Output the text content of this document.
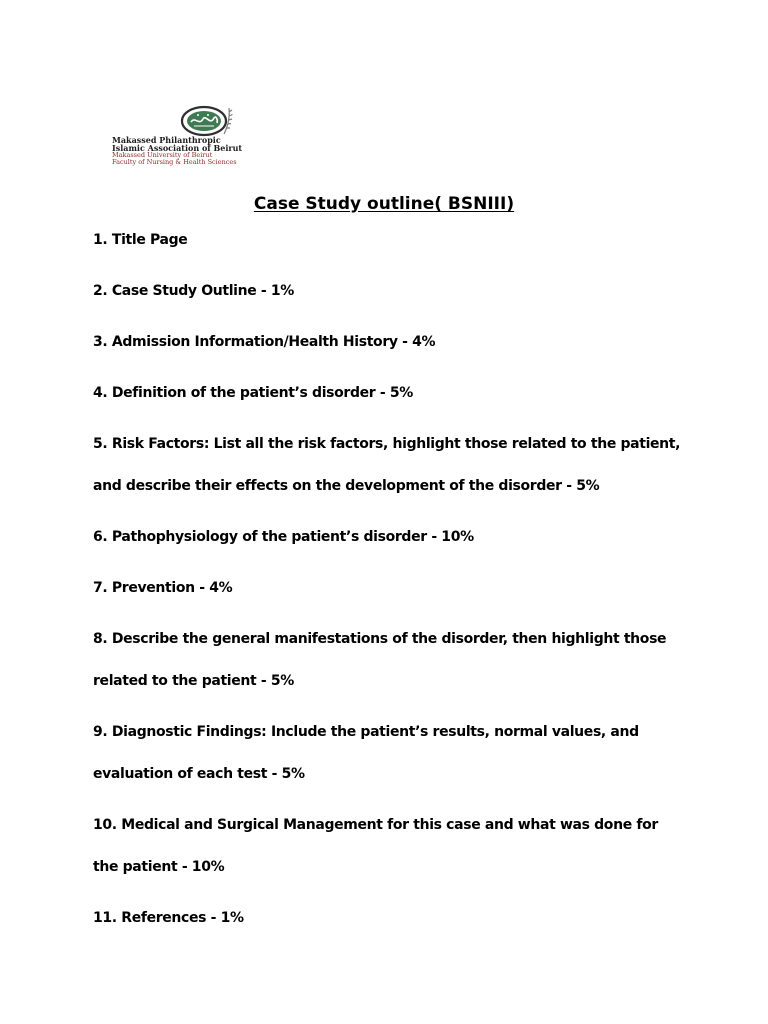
Makassed Philanthropic
Islamic Association of Beirut
Makassed University of Beirut
Faculty of Nursing & Health Sciences
Case Study outline( BSNIII)
1. Title Page
2. Case Study Outline - 1%
3. Admission Information/Health History - 4%
4. Definition of the patient’s disorder - 5%
5. Risk Factors: List all the risk factors, highlight those related to the patient,
and describe their effects on the development of the disorder - 5%
6. Pathophysiology of the patient’s disorder - 10%
7. Prevention - 4%
8. Describe the general manifestations of the disorder, then highlight those
related to the patient - 5%
9. Diagnostic Findings: Include the patient’s results, normal values, and
evaluation of each test - 5%
10. Medical and Surgical Management for this case and what was done for
the patient - 10%
11. References - 1%
